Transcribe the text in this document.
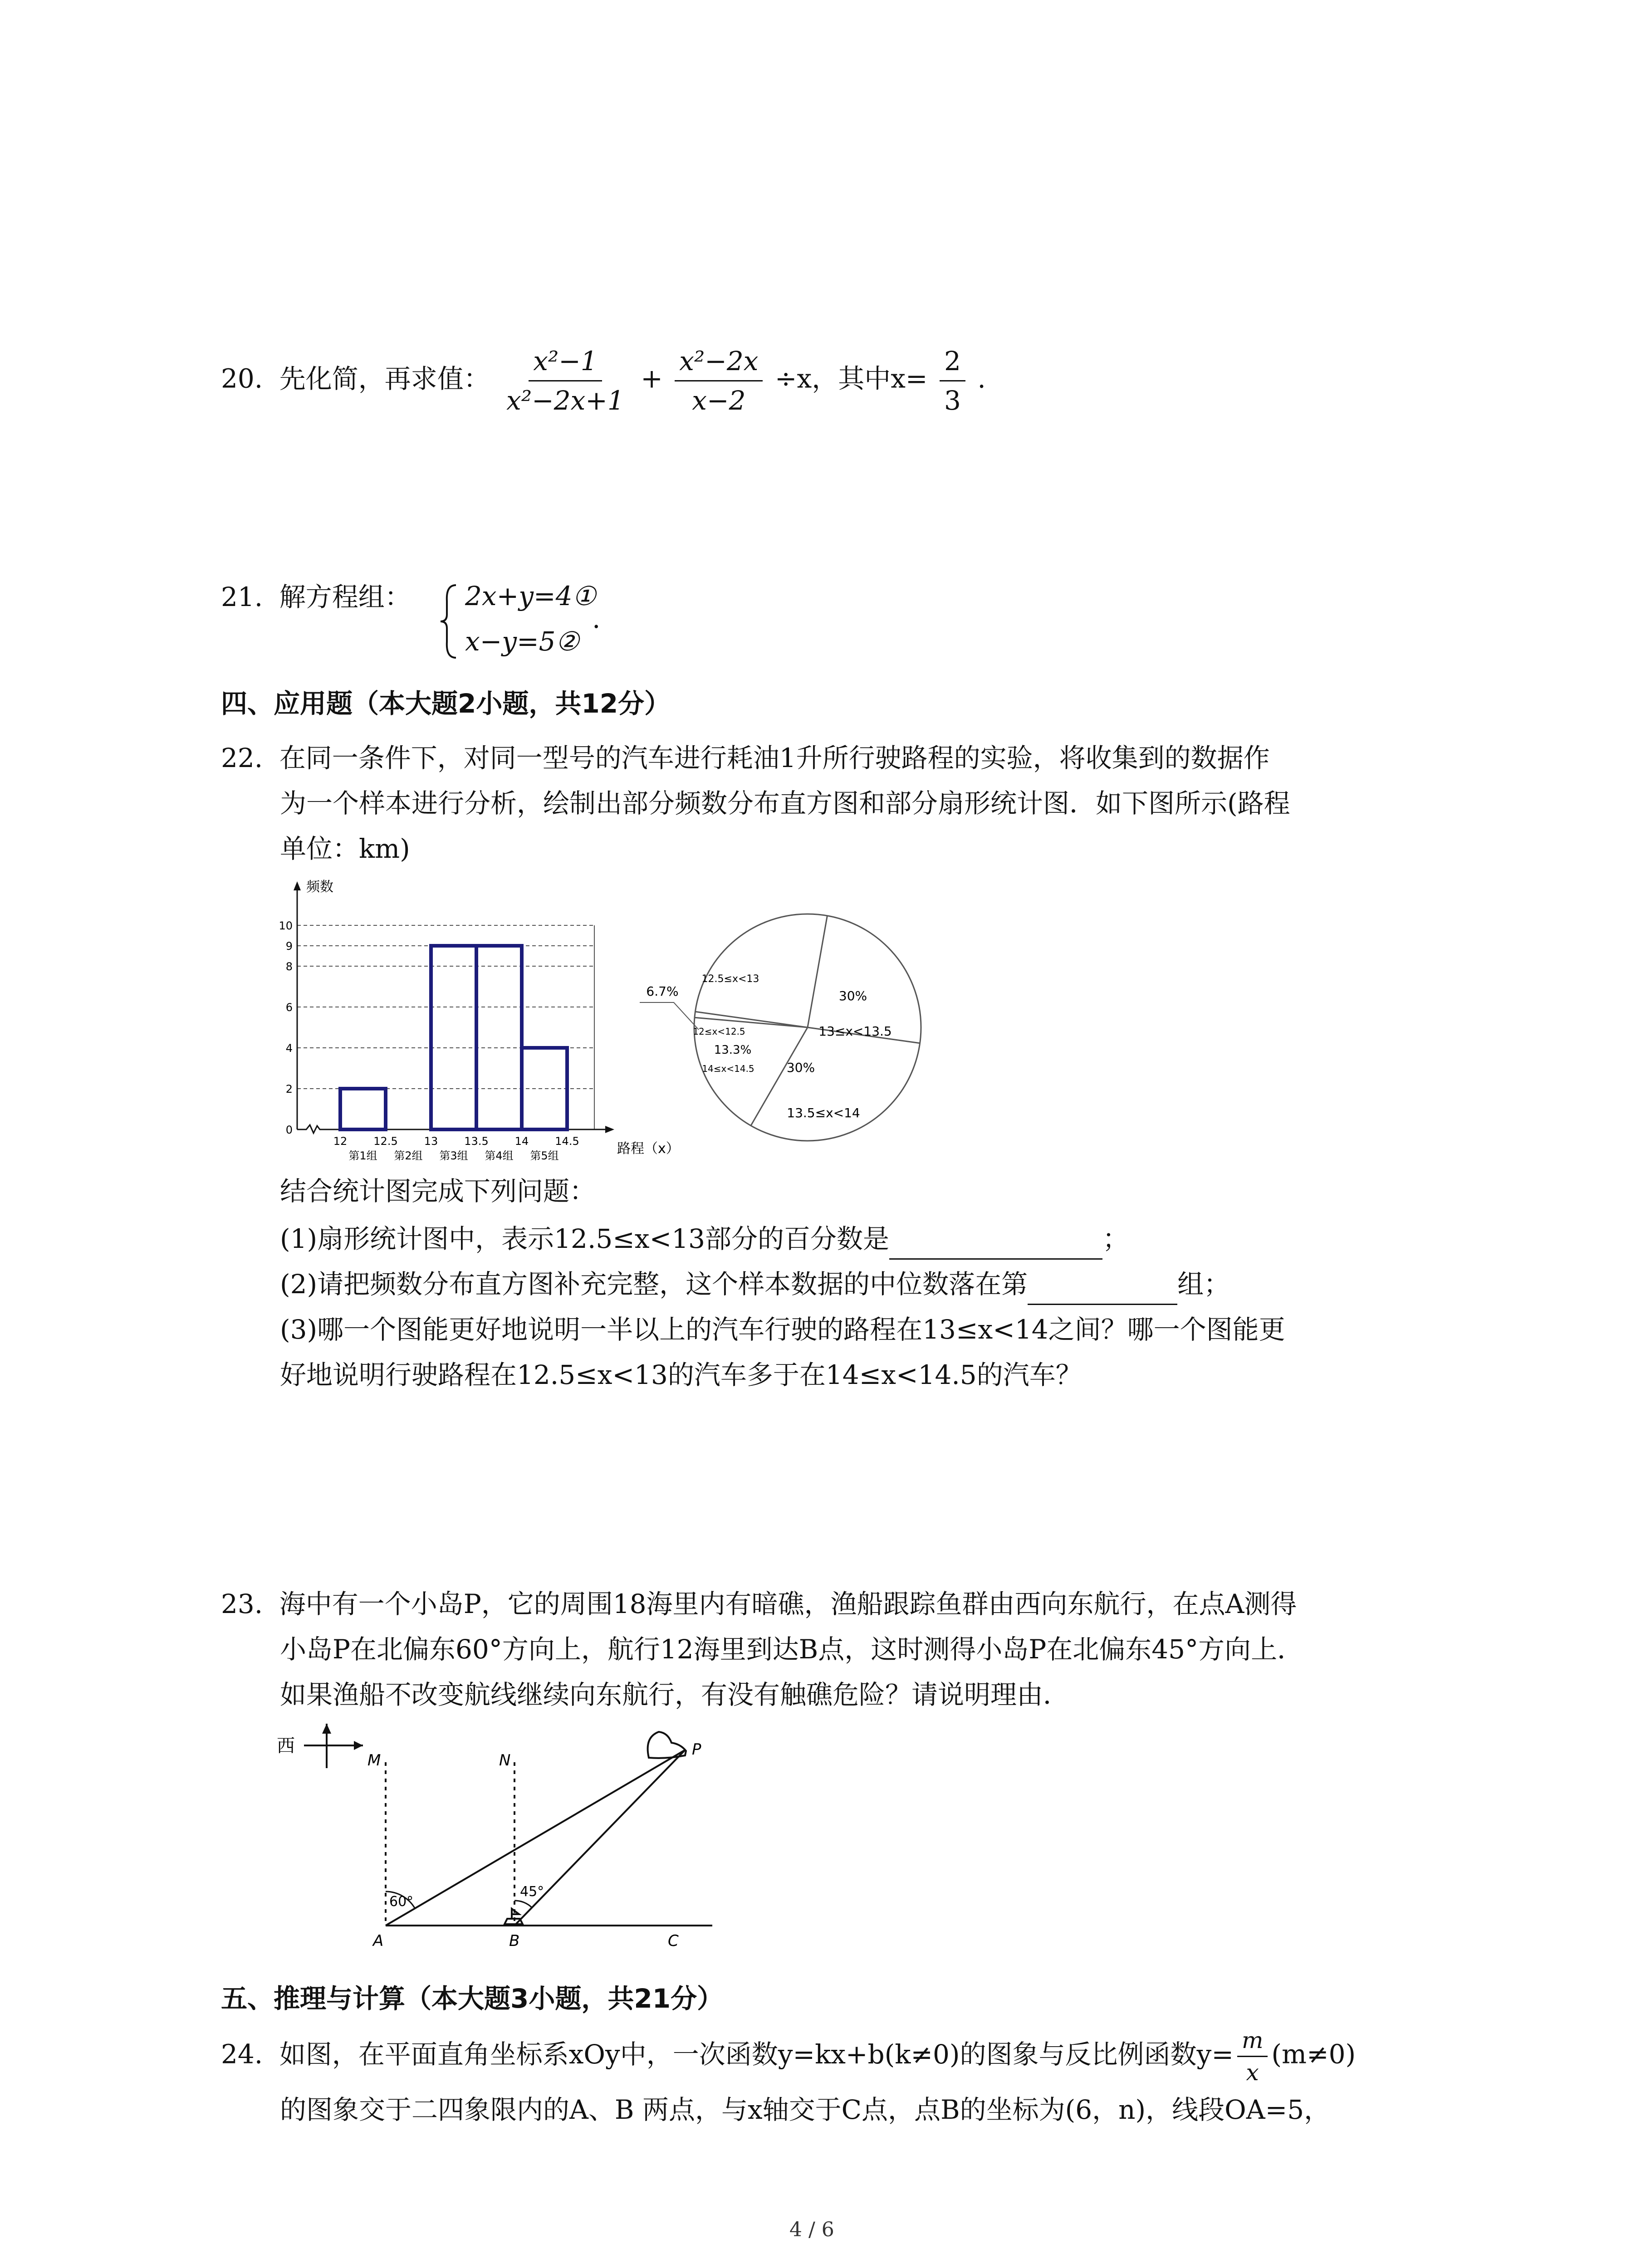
20. 先化简，再求值： $\frac{\text{x²−1}}{\text{x²−2x+1}} + \frac{\text{x²−2x}}{x-2} \div x$，其中$x= \frac{2}{3}$ .
21. 解方程组： 2x+y=4①
x−y=5②
.
四、应用题（本大题2小题，共12分）
22. 在同一条件下，对同一型号的汽车进行耗油1升所行驶路程的实验，将收集到的数据作
为一个样本进行分析，绘制出部分频数分布直方图和部分扇形统计图．如下图所示(路程
单位：km)
0
2
4
6
8
9
10
频数
路程（x）
12 12.5 13 13.5 14 14.5
第1组 第2组 第3组 第4组 第5组
12.5≤x<13
13≤x<13.5
30%
13.5≤x<14
30%
14≤x<14.5
13.3%
12≤x<12.5
6.7%
结合统计图完成下列问题：
(1)扇形统计图中，表示12.5≤x<13部分的百分数是	；
(2)请把频数分布直方图补充完整，这个样本数据的中位数落在第	组；
(3)哪一个图能更好地说明一半以上的汽车行驶的路程在13≤x<14之间？哪一个图能更
好地说明行驶路程在12.5≤x<13的汽车多于在14≤x<14.5的汽车？
23. 海中有一个小岛P，它的周围18海里内有暗礁，渔船跟踪鱼群由西向东航行，在点A测得
小岛P在北偏东60°方向上，航行12海里到达B点，这时测得小岛P在北偏东45°方向上．
如果渔船不改变航线继续向东航行，有没有触礁危险？请说明理由．
西
M	N
P
60°
45°
A	B	C
五、推理与计算（本大题3小题，共21分）
24. 如图，在平面直角坐标系xOy中，一次函数y=kx+b(k≠0)的图象与反比例函数$y= \frac{m}{x} (m\ne 0)$
的图象交于二四象限内的A、B 两点，与x轴交于C点，点B的坐标为(6，n)，线段OA=5，
4 / 6
